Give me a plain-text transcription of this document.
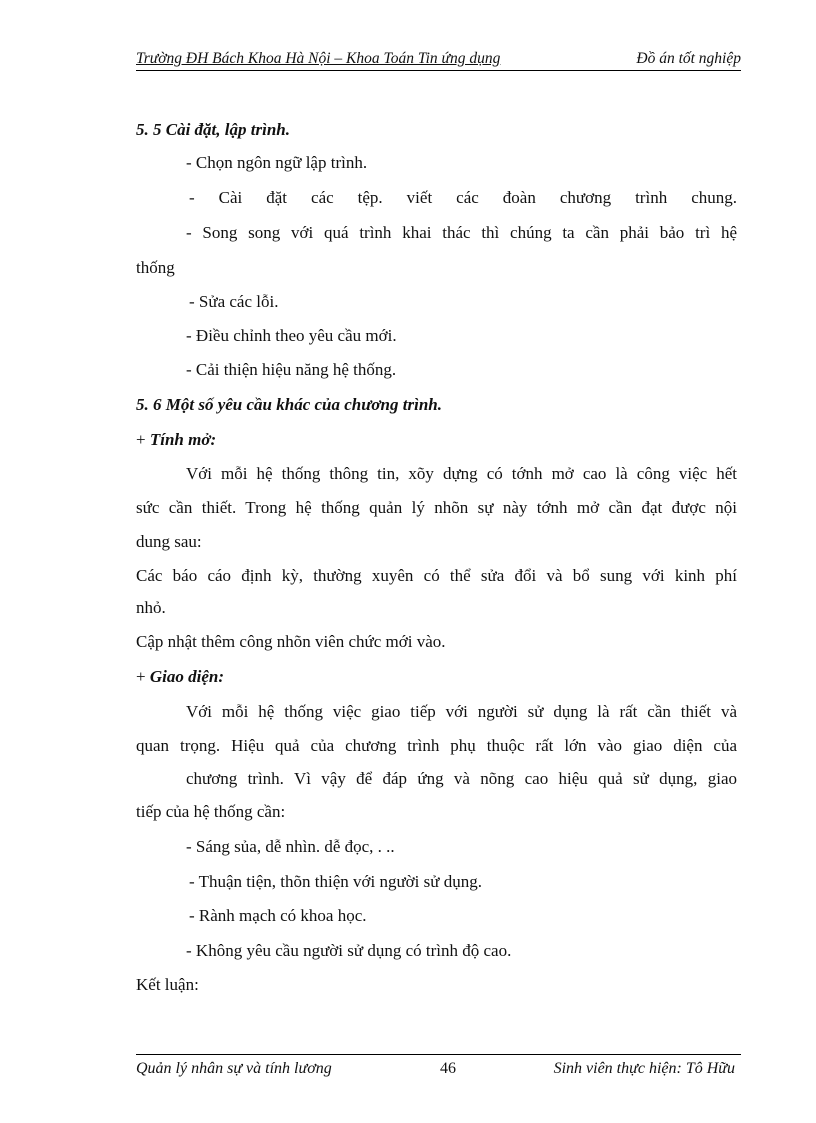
Trường ĐH Bách Khoa Hà Nội – Khoa Toán Tin ứng dụng	Đồ án tốt nghiệp
5. 5 Cài đặt, lập trình.
- Chọn ngôn ngữ lập trình.
- Cài đặt các tệp. viết các đoàn chương trình chung.
- Song song với quá trình khai thác thì chúng ta cần phải bảo trì hệ
thống
- Sửa các lỗi.
- Điều chỉnh theo yêu cầu mới.
- Cải thiện hiệu năng hệ thống.
5. 6 Một số yêu cầu khác của chương trình.
+ Tính mở:
Với mỗi hệ thống thông tin, xõy dựng có tớnh mở cao là công việc hết
sức cần thiết. Trong hệ thống quản lý nhõn sự này tớnh mở cần đạt được nội
dung sau:
Các báo cáo định kỳ, thường xuyên có thể sửa đổi và bổ sung với kinh phí
nhỏ.
Cập nhật thêm công nhõn viên chức mới vào.
+ Giao diện:
Với mỗi hệ thống việc giao tiếp với người sử dụng là rất cần thiết và
quan trọng. Hiệu quả của chương trình phụ thuộc rất lớn vào giao diện của
chương trình. Vì vậy để đáp ứng và nõng cao hiệu quả sử dụng, giao
tiếp của hệ thống cần:
- Sáng sủa, dễ nhìn. dễ đọc, . ..
- Thuận tiện, thõn thiện với người sử dụng.
- Rành mạch có khoa học.
- Không yêu cầu người sử dụng có trình độ cao.
Kết luận:
Quản lý nhân sự và tính lương	46	Sinh viên thực hiện: Tô Hữu
